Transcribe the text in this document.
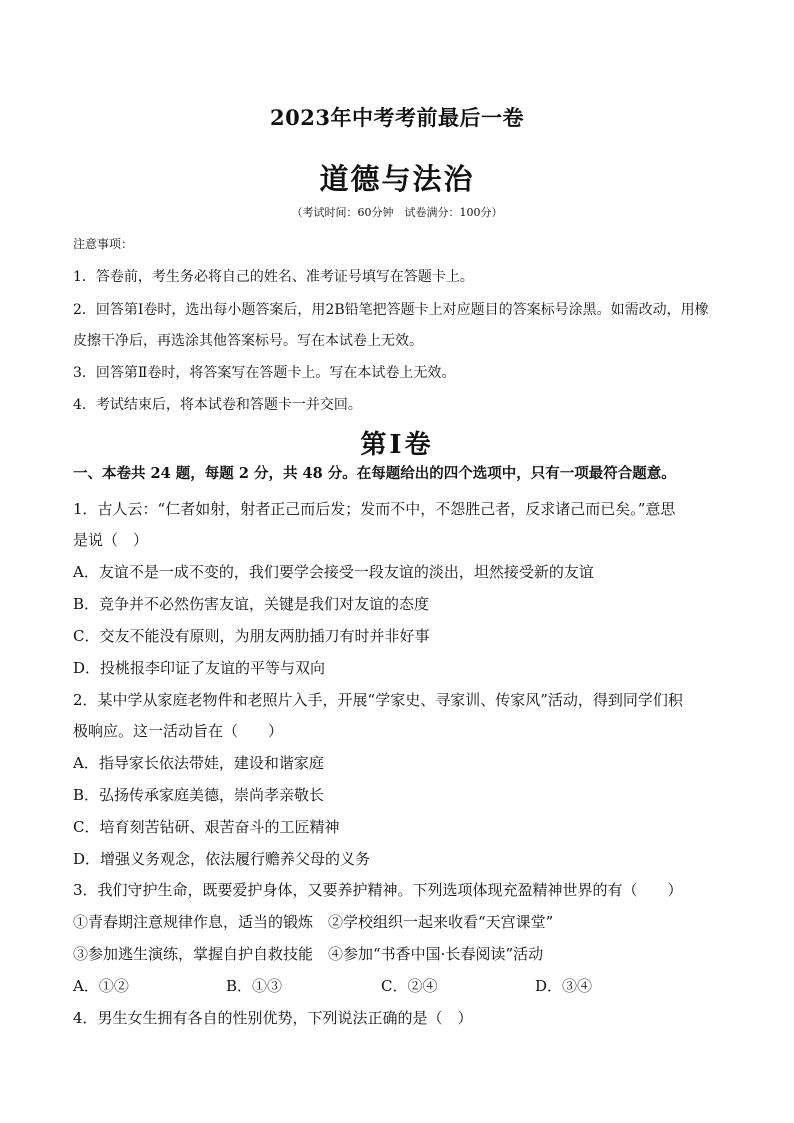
2023年中考考前最后一卷
道德与法治
（考试时间：60分钟　试卷满分：100分）
注意事项：
1．答卷前，考生务必将自己的姓名、准考证号填写在答题卡上。
2．回答第Ⅰ卷时，选出每小题答案后，用2B铅笔把答题卡上对应题目的答案标号涂黑。如需改动，用橡
皮擦干净后，再选涂其他答案标号。写在本试卷上无效。
3．回答第Ⅱ卷时，将答案写在答题卡上。写在本试卷上无效。
4．考试结束后，将本试卷和答题卡一并交回。
第Ⅰ卷
一、本卷共 24 题，每题 2 分，共 48 分。在每题给出的四个选项中，只有一项最符合题意。
1．古人云：“仁者如射，射者正己而后发；发而不中，不怨胜己者，反求诸己而已矣。”意思
是说（　）
A．友谊不是一成不变的，我们要学会接受一段友谊的淡出，坦然接受新的友谊
B．竞争并不必然伤害友谊，关键是我们对友谊的态度
C．交友不能没有原则，为朋友两肋插刀有时并非好事
D．投桃报李印证了友谊的平等与双向
2．某中学从家庭老物件和老照片入手，开展“学家史、寻家训、传家风”活动，得到同学们积
极响应。这一活动旨在（　　）
A．指导家长依法带娃，建设和谐家庭
B．弘扬传承家庭美德，崇尚孝亲敬长
C．培育刻苦钻研、艰苦奋斗的工匠精神
D．增强义务观念，依法履行赡养父母的义务
3．我们守护生命，既要爱护身体，又要养护精神。下列选项体现充盈精神世界的有（　　）
①青春期注意规律作息，适当的锻炼　②学校组织一起来收看“天宫课堂”
③参加逃生演练，掌握自护自救技能　④参加“书香中国·长春阅读”活动
A．①②	B．①③	C．②④	D．③④
4．男生女生拥有各自的性别优势，下列说法正确的是（　）
